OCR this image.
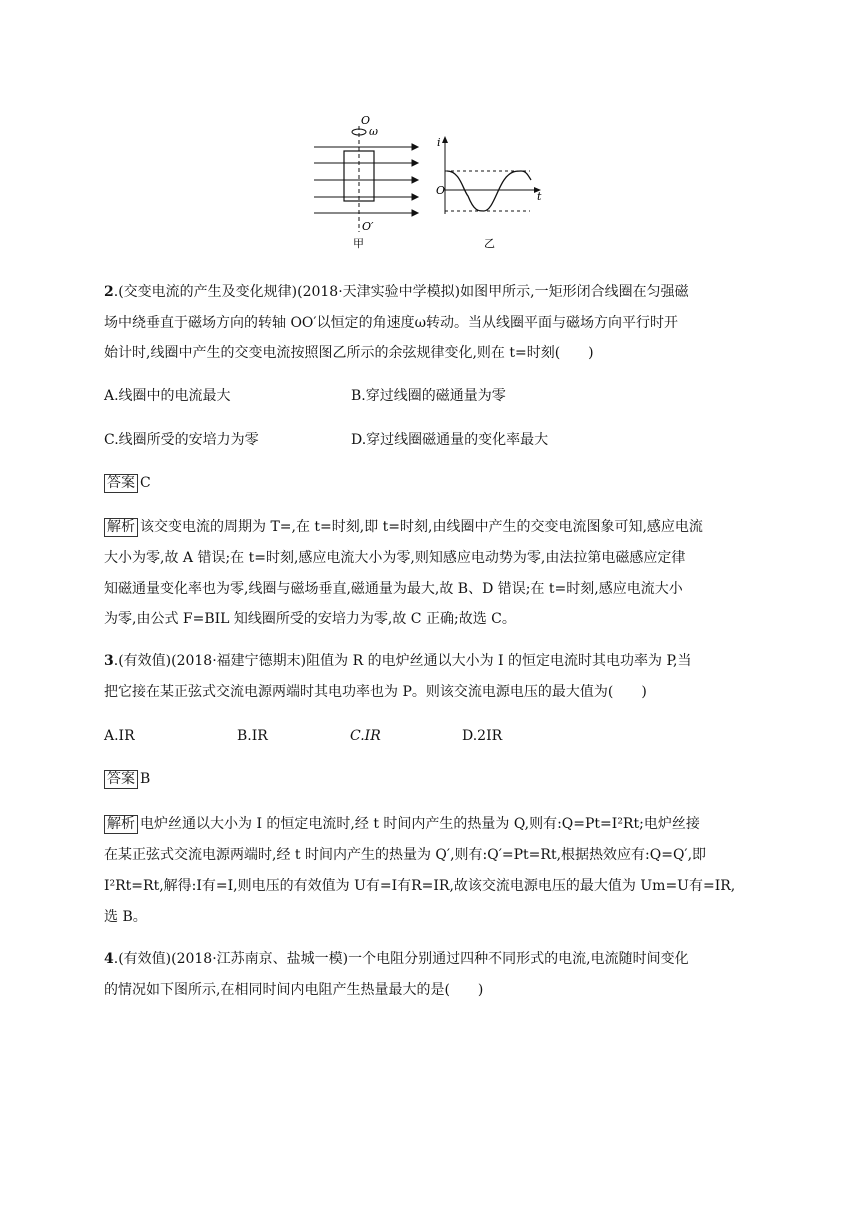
O
ω
O′
甲
i
O	t
乙
2.(交变电流的产生及变化规律)(2018·天津实验中学模拟)如图甲所示,一矩形闭合线圈在匀强磁
场中绕垂直于磁场方向的转轴 OO′以恒定的角速度ω转动。当从线圈平面与磁场方向平行时开
始计时,线圈中产生的交变电流按照图乙所示的余弦规律变化,则在 t=时刻(　　)
A.线圈中的电流最大	B.穿过线圈的磁通量为零
C.线圈所受的安培力为零	D.穿过线圈磁通量的变化率最大
答案 C
解析 该交变电流的周期为 T=,在 t=时刻,即 t=时刻,由线圈中产生的交变电流图象可知,感应电流
大小为零,故 A 错误;在 t=时刻,感应电流大小为零,则知感应电动势为零,由法拉第电磁感应定律
知磁通量变化率也为零,线圈与磁场垂直,磁通量为最大,故 B、D 错误;在 t=时刻,感应电流大小
为零,由公式 F=BIL 知线圈所受的安培力为零,故 C 正确;故选 C。
3.(有效值)(2018·福建宁德期末)阻值为 R 的电炉丝通以大小为 I 的恒定电流时其电功率为 P,当
把它接在某正弦式交流电源两端时其电功率也为 P。则该交流电源电压的最大值为(　　)
A.IR	B.IR	C.IR	D.2IR
答案 B
解析 电炉丝通以大小为 I 的恒定电流时,经 t 时间内产生的热量为 Q,则有:Q=Pt=I²Rt;电炉丝接
在某正弦式交流电源两端时,经 t 时间内产生的热量为 Q′,则有:Q′=Pt=Rt,根据热效应有:Q=Q′,即
I²Rt=Rt,解得:I有=I,则电压的有效值为 U有=I有R=IR,故该交流电源电压的最大值为 Um=U有=IR,
选 B。
4.(有效值)(2018·江苏南京、盐城一模)一个电阻分别通过四种不同形式的电流,电流随时间变化
的情况如下图所示,在相同时间内电阻产生热量最大的是(　　)
